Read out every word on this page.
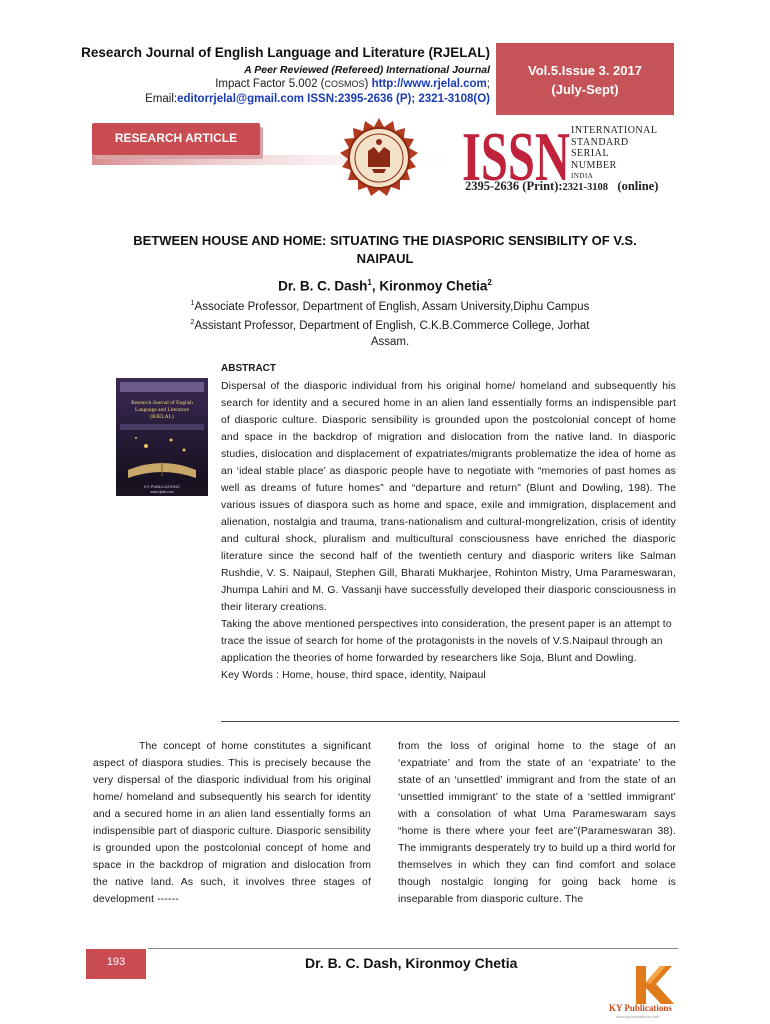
Research Journal of English Language and Literature (RJELAL)
A Peer Reviewed (Refereed) International Journal
Impact Factor 5.002 (COSMOS) http://www.rjelal.com;
Email:editorrjelal@gmail.com ISSN:2395-2636 (P); 2321-3108(O)
Vol.5.Issue 3. 2017
(July-Sept)
RESEARCH ARTICLE	ISSN INTERNATIONAL
STANDARD
SERIAL
NUMBER
INDIA
2395-2636 (Print):2321-3108 (online)
BETWEEN HOUSE AND HOME: SITUATING THE DIASPORIC SENSIBILITY OF V.S.
NAIPAUL
Dr. B. C. Dash$^1$, Kironmoy Chetia$^2$
$^1$Associate Professor, Department of English, Assam University,Diphu Campus
$^2$Assistant Professor, Department of English, C.K.B.Commerce College, Jorhat
Assam.
Research Journal of English
Language and Literature
(RJELAL)
KY PUBLICATIONS
www.rjelal.com
ABSTRACT

Dispersal of the diasporic individual from his original home/ homeland and subsequently his search for identity and a secured home in an alien land essentially forms an indispensible part of diasporic culture. Diasporic sensibility is grounded upon the postcolonial concept of home and space in the backdrop of migration and dislocation from the native land. In diasporic studies, dislocation and displacement of expatriates/migrants problematize the idea of home as an ‘ideal stable place’ as diasporic people have to negotiate with “memories of past homes as well as dreams of future homes” and “departure and return” (Blunt and Dowling, 198). The various issues of diaspora such as home and space, exile and immigration, displacement and alienation, nostalgia and trauma, trans-nationalism and cultural-mongrelization, crisis of identity and cultural shock, pluralism and multicultural consciousness have enriched the diasporic literature since the second half of the twentieth century and diasporic writers like Salman Rushdie, V. S. Naipaul, Stephen Gill, Bharati Mukharjee, Rohinton Mistry, Uma Parameswaran, Jhumpa Lahiri and M. G. Vassanji have successfully developed their diasporic consciousness in their literary creations.

Taking the above mentioned perspectives into consideration, the present paper is an attempt to trace the issue of search for home of the protagonists in the novels of V.S.Naipaul through an application the theories of home forwarded by researchers like Soja, Blunt and Dowling.

Key Words : Home, house, third space, identity, Naipaul

The concept of home constitutes a significant aspect of diaspora studies. This is precisely because the very dispersal of the diasporic individual from his original home/ homeland and subsequently his search for identity and a secured home in an alien land essentially forms an indispensible part of diasporic culture. Diasporic sensibility is grounded upon the postcolonial concept of home and space in the backdrop of migration and dislocation from the native land. As such, it involves three stages of development ------

from the loss of original home to the stage of an ‘expatriate’ and from the state of an ‘expatriate’ to the state of an ‘unsettled’ immigrant and from the state of an ‘unsettled immigrant’ to the state of a ‘settled immigrant’ with a consolation of what Uma Parameswaram says “home is there where your feet are”(Parameswaran 38). The immigrants desperately try to build up a third world for themselves in which they can find comfort and solace though nostalgic longing for going back home is inseparable from diasporic culture. The

193	Dr. B. C. Dash, Kironmoy Chetia
KY Publications
www.kypublications.com
